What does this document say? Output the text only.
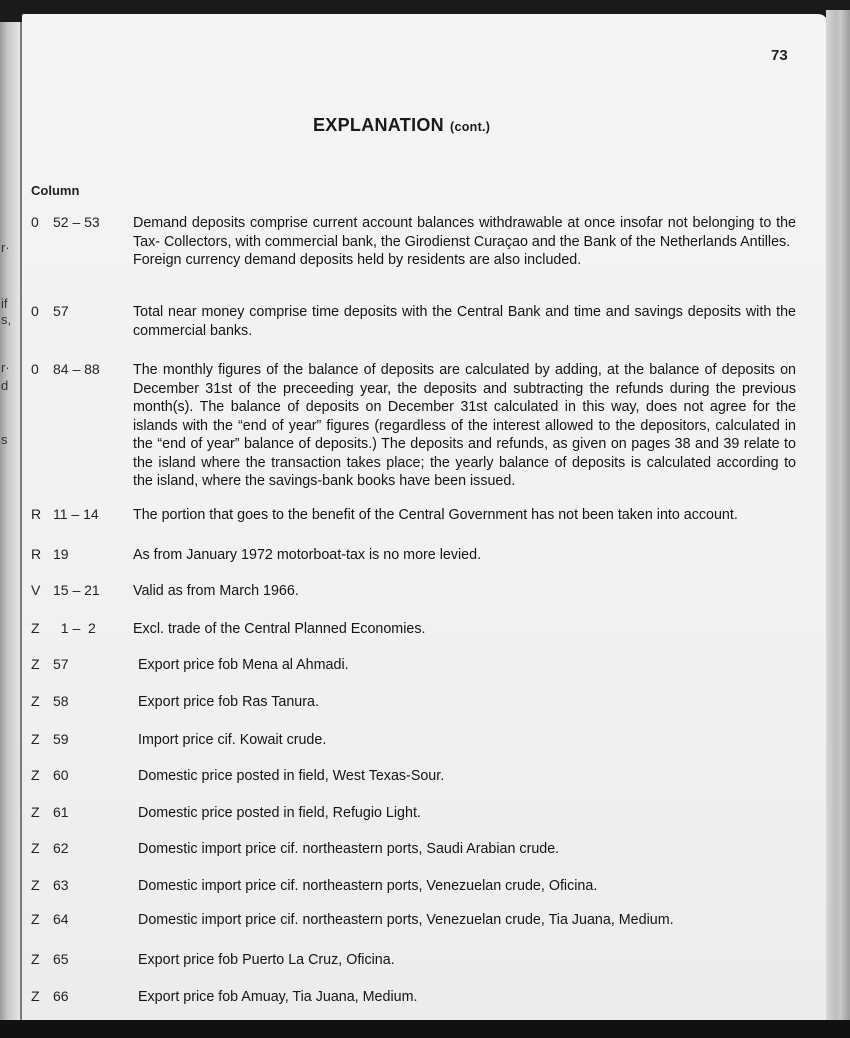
r·
if
s,
r·
d
s
73
EXPLANATION (cont.)
Column
0 52 – 53 Demand deposits comprise current account balances withdrawable at once insofar not belonging to the Tax- Collectors, with commercial bank, the Girodienst Curaçao and the Bank of the Netherlands Antilles.

Foreign currency demand deposits held by residents are also included.

0 57	Total near money comprise time deposits with the Central Bank and time and savings deposits with the commercial banks.

0 84 – 88 The monthly figures of the balance of deposits are calculated by adding, at the balance of deposits on December 31st of the preceeding year, the deposits and subtracting the refunds during the previous month(s). The balance of deposits on December 31st calculated in this way, does not agree for the islands with the “end of year” figures (regardless of the interest allowed to the depositors, calculated in the “end of year” balance of deposits.) The deposits and refunds, as given on pages 38 and 39 relate to the island where the transaction takes place; the yearly balance of deposits is calculated according to the island, where the savings-bank books have been issued.

R 11 – 14 The portion that goes to the benefit of the Central Government has not been taken into account.

R 19	As from January 1972 motorboat-tax is no more levied.

V 15 – 21 Valid as from March 1966.

Z 1 –  2	Excl. trade of the Central Planned Economies.

Z 57	Export price fob Mena al Ahmadi.

Z 58	Export price fob Ras Tanura.

Z 59	Import price cif. Kowait crude.

Z 60	Domestic price posted in field, West Texas-Sour.

Z 61	Domestic price posted in field, Refugio Light.

Z 62	Domestic import price cif. northeastern ports, Saudi Arabian crude.

Z 63	Domestic import price cif. northeastern ports, Venezuelan crude, Oficina.

Z 64	Domestic import price cif. northeastern ports, Venezuelan crude, Tia Juana, Medium.

Z 65	Export price fob Puerto La Cruz, Oficina.

Z 66	Export price fob Amuay, Tia Juana, Medium.
